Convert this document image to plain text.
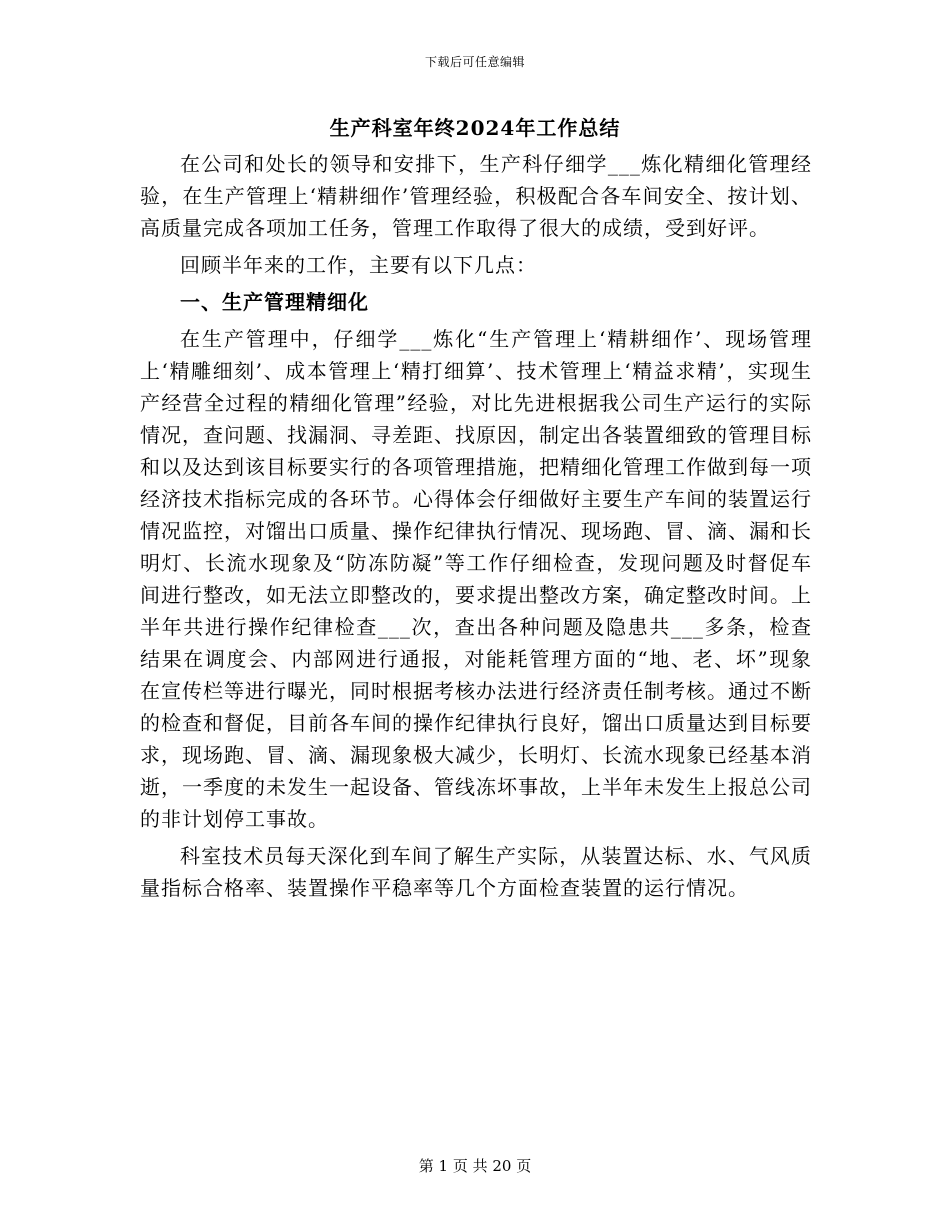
下载后可任意编辑
生产科室年终2024年工作总结

在公司和处长的领导和安排下，生产科仔细学___炼化精细化管理经验，在生产管理上‘精耕细作’管理经验，积极配合各车间安全、按计划、高质量完成各项加工任务，管理工作取得了很大的成绩，受到好评。

回顾半年来的工作，主要有以下几点：

一、生产管理精细化

在生产管理中，仔细学___炼化“生产管理上‘精耕细作’、现场管理上‘精雕细刻’、成本管理上‘精打细算’、技术管理上‘精益求精’，实现生产经营全过程的精细化管理”经验，对比先进根据我公司生产运行的实际情况，查问题、找漏洞、寻差距、找原因，制定出各装置细致的管理目标和以及达到该目标要实行的各项管理措施，把精细化管理工作做到每一项经济技术指标完成的各环节。心得体会仔细做好主要生产车间的装置运行情况监控，对馏出口质量、操作纪律执行情况、现场跑、冒、滴、漏和长明灯、长流水现象及“防冻防凝”等工作仔细检查，发现问题及时督促车间进行整改，如无法立即整改的，要求提出整改方案，确定整改时间。上半年共进行操作纪律检查___次，查出各种问题及隐患共___多条，检查结果在调度会、内部网进行通报，对能耗管理方面的“地、老、坏”现象在宣传栏等进行曝光，同时根据考核办法进行经济责任制考核。通过不断的检查和督促，目前各车间的操作纪律执行良好，馏出口质量达到目标要求，现场跑、冒、滴、漏现象极大减少，长明灯、长流水现象已经基本消逝，一季度的未发生一起设备、管线冻坏事故，上半年未发生上报总公司的非计划停工事故。

科室技术员每天深化到车间了解生产实际，从装置达标、水、气风质量指标合格率、装置操作平稳率等几个方面检查装置的运行情况。

第 1 页 共 20 页
